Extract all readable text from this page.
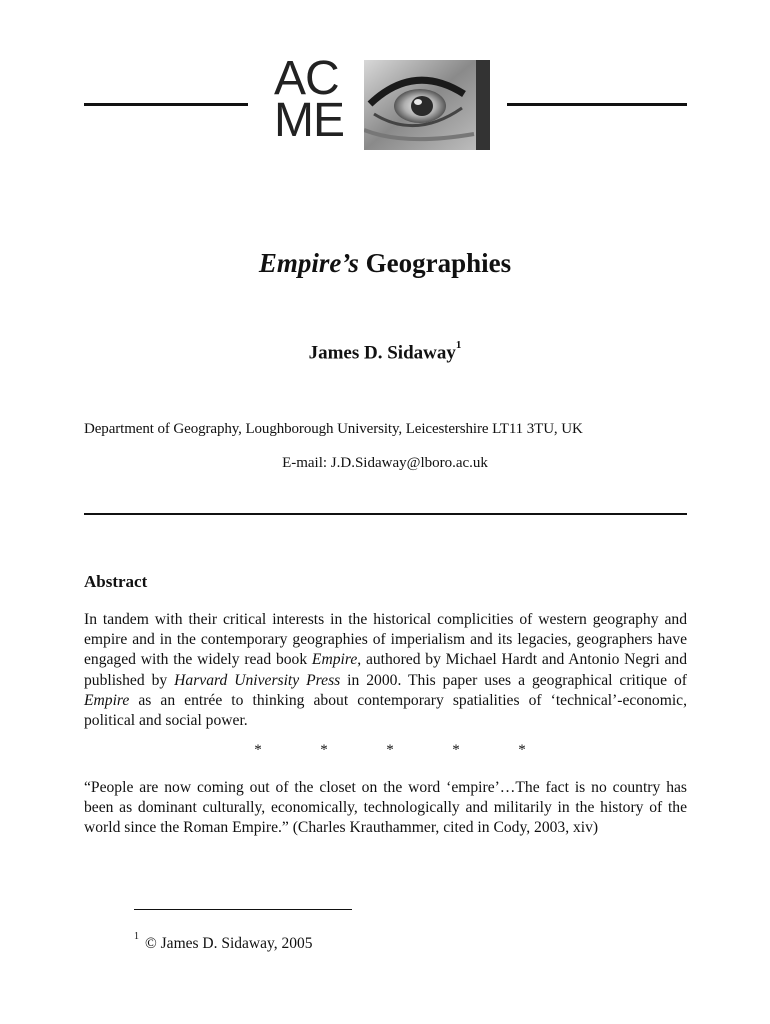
AC
ME
Empire’s Geographies
James D. Sidaway$^1$
Department of Geography, Loughborough University, Leicestershire LT11 3TU, UK
E-mail: J.D.Sidaway@lboro.ac.uk
Abstract
In tandem with their critical interests in the historical complicities of western geography and empire and in the contemporary geographies of imperialism and its legacies, geographers have engaged with the widely read book Empire, authored by Michael Hardt and Antonio Negri and published by Harvard University Press in 2000. This paper uses a geographical critique of Empire as an entrée to thinking about contemporary spatialities of ‘technical’-economic, political and social power.
*	*	*	*	*
“People are now coming out of the closet on the word ‘empire’…The fact is no country has been as dominant culturally, economically, technologically and militarily in the history of the world since the Roman Empire.” (Charles Krauthammer, cited in Cody, 2003, xiv)
$^1$ © James D. Sidaway, 2005
